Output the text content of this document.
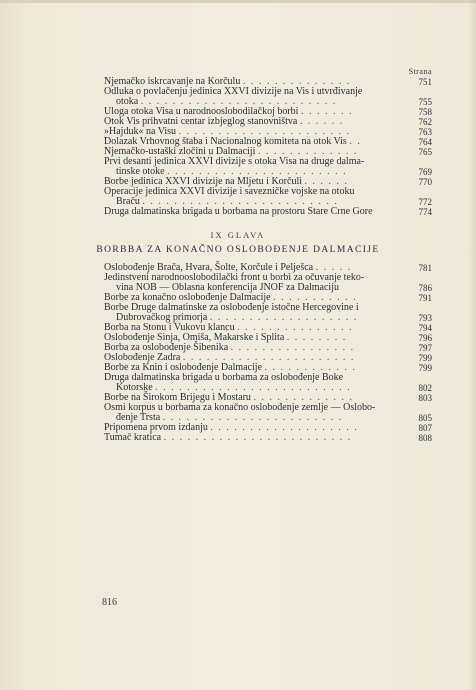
Strana
Njemačko iskrcavanje na Korčulu . . . . . . . . . . . . . .	751
Odluka o povlačenju jedinica XXVI divizije na Vis i utvrđivanje
otoka . . . . . . . . . . . . . . . . . . . . . . . . .	755
Uloga otoka Visa u narodnooslobodilačkoj borbi . . . . . . .	758
Otok Vis prihvatni centar izbjeglog stanovništva . . . . . .	762
»Hajduk« na Visu . . . . . . . . . . . . . . . . . . . . . .	763
Dolazak Vrhovnog štaba i Nacionalnog komiteta na otok Vis . .	764
Njemačko-ustaški zločini u Dalmaciji . . . . . . . . . . . . .	765
Prvi desanti jedinica XXVI divizije s otoka Visa na druge dalma-
tinske otoke . . . . . . . . . . . . . . . . . . . . . . .	769
Borbe jedinica XXVI divizije na Mljetu i Korčuli . . . . . .	770
Operacije jedinica XXVI divizije i savezničke vojske na otoku
Braču . . . . . . . . . . . . . . . . . . . . . . . . .	772
Druga dalmatinska brigada u borbama na prostoru Stare Crne Gore	774
IX GLAVA
BORBBA ZA KONAČNO OSLOBOĐENJE DALMACIJE
Oslobođenje Brača, Hvara, Šolte, Korčule i Pelješca . . . . .	781
Jedinstveni narodnooslobodilački front u borbi za očuvanje teko-
vina NOB — Oblasna konferencija JNOF za Dalmaciju	786
Borbe za konačno oslobođenje Dalmacije . . . . . . . . . . .	791
Borbe Druge dalmatinske za oslobođenje istočne Hercegovine i
Dubrovačkog primorja . . . . . . . . . . . . . . . . . . .	793
Borba na Stonu i Vukovu klancu . . . . . . . . . . . . . . .	794
Oslobođenje Sinja, Omiša, Makarske i Splita . . . . . . . .	796
Borba za oslobođenje Šibenika . . . . . . . . . . . . . . . .	797
Oslobođenje Zadra . . . . . . . . . . . . . . . . . . . . . .	799
Borbe za Knin i oslobođenje Dalmacije . . . . . . . . . . . .	799
Druga dalmatinska brigada u borbama za oslobođenje Boke
Kotorske . . . . . . . . . . . . . . . . . . . . . . . . .	802
Borbe na Širokom Brijegu i Mostaru . . . . . . . . . . . . .	803
Osmi korpus u borbama za konačno oslobođenje zemlje — Oslobo-
đenje Trsta . . . . . . . . . . . . . . . . . . . . . . .	805
Pripomena prvom izdanju . . . . . . . . . . . . . . . . . . .	807
Tumač kratica . . . . . . . . . . . . . . . . . . . . . . . .	808
816
